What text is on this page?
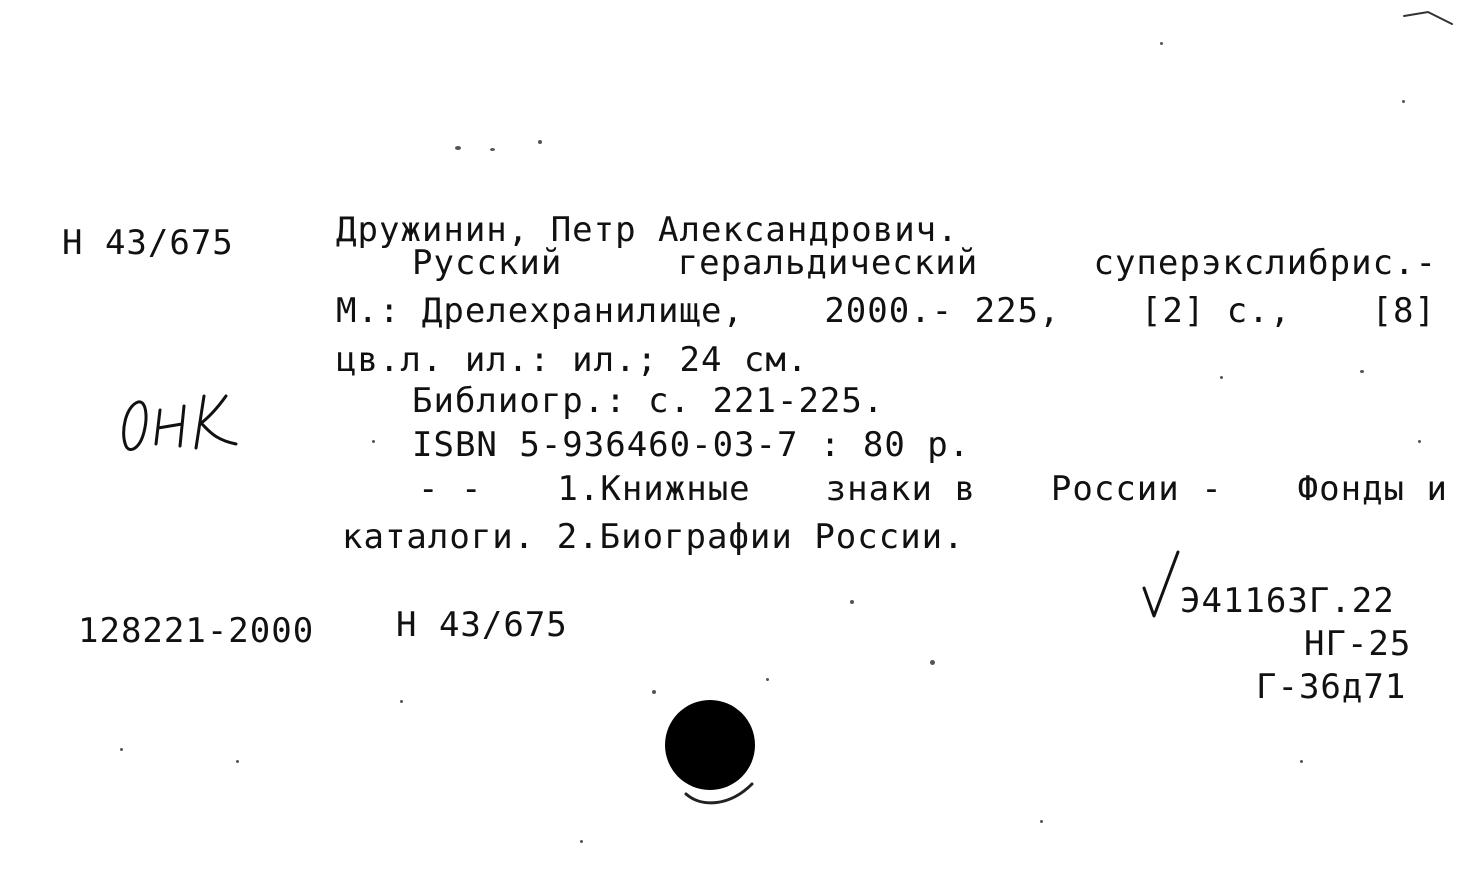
Н 43/675	Дружинин, Петр Александрович.
Русский	геральдический	суперэкслибрис.-
М.: Дрелехранилище, 2000.- 225, [2] с., [8]
цв.л. ил.: ил.; 24 см.
Библиогр.: с. 221-225.
ISBN 5-936460-03-7 : 80 р.
- - 1.Книжные знаки в России - Фонды и
каталоги. 2.Биографии России.
128221-2000 Н 43/675
Э41163Г.22
НГ-25
Г-36д71
